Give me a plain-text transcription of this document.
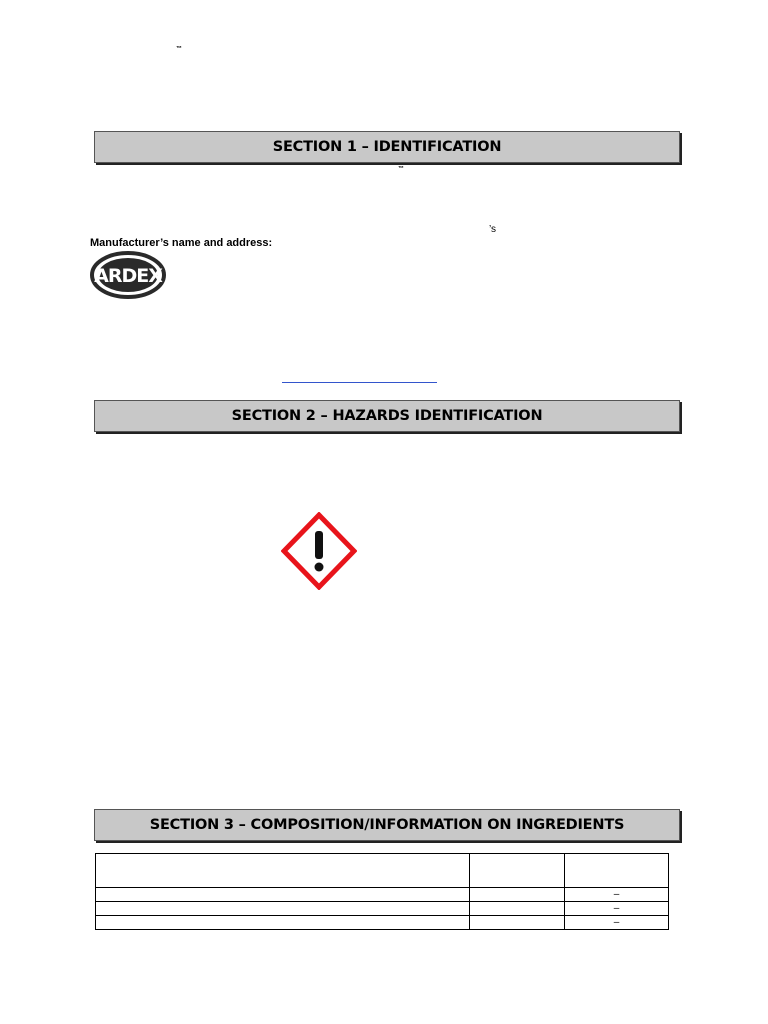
™
SECTION 1 – IDENTIFICATION
™
’s
Manufacturer’s name and address:
ARDEX
SECTION 2 – HAZARDS IDENTIFICATION
SECTION 3 – COMPOSITION/INFORMATION ON INGREDIENTS

		–
		–
		–
